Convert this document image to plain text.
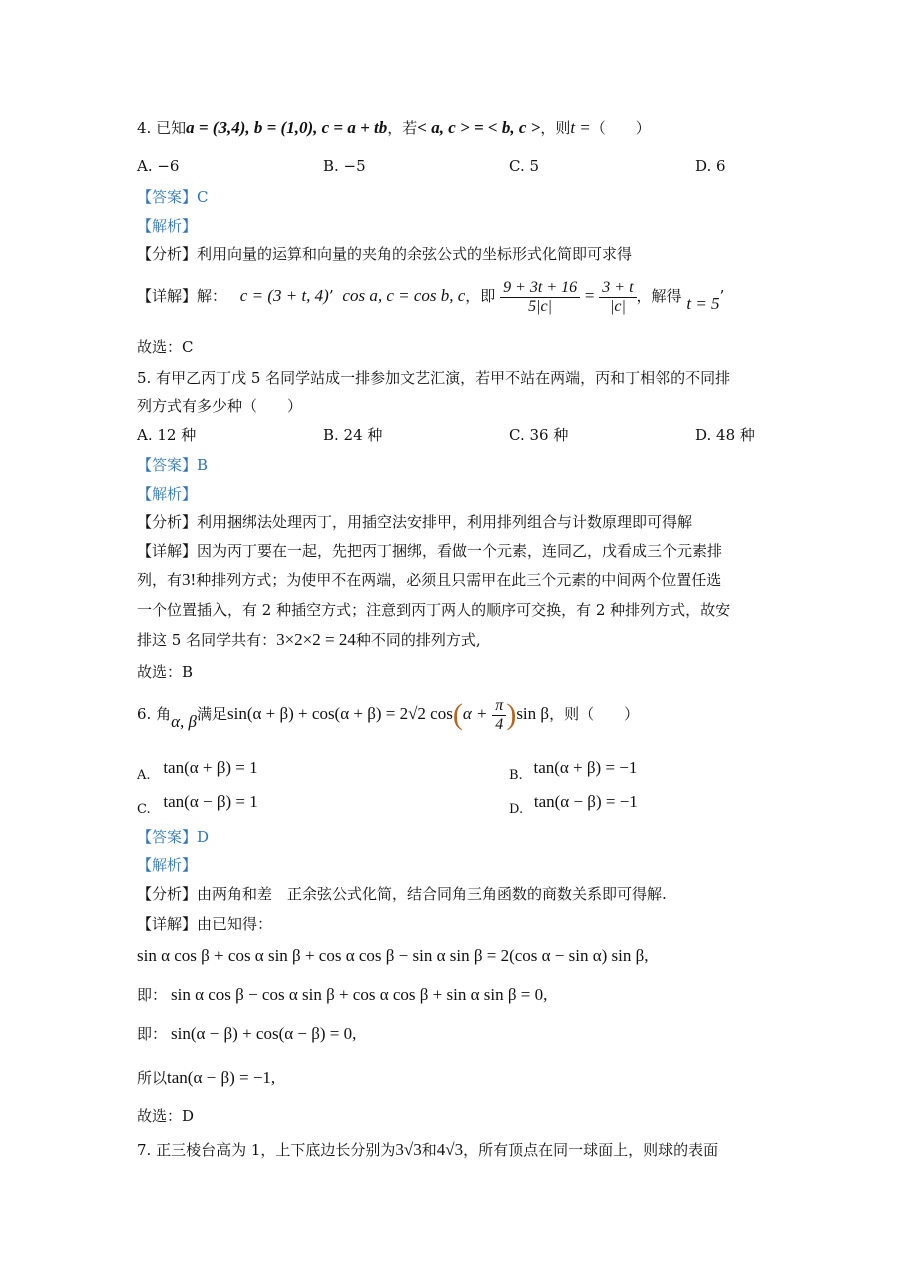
4. 已知a = (3,4), b = (1,0), c = a + tb，若< a, c > = < b, c >，则t =（　　）
A. −6	B. −5	C. 5	D. 6
【答案】C
【解析】
【分析】利用向量的运算和向量的夹角的余弦公式的坐标形式化简即可求得
【详解】解： c = (3 + t, 4)’ cos a, c = cos b, c，即 $\frac{9 + 3t + 16}{5|c|} = \frac{3 + t}{|c|}$ ，解得 t = 5’
故选：C
5. 有甲乙丙丁戊 5 名同学站成一排参加文艺汇演，若甲不站在两端，丙和丁相邻的不同排
列方式有多少种（　　）
A. 12 种	B. 24 种	C. 36 种	D. 48 种
【答案】B
【解析】
【分析】利用捆绑法处理丙丁，用插空法安排甲，利用排列组合与计数原理即可得解
【详解】因为丙丁要在一起，先把丙丁捆绑，看做一个元素，连同乙，戊看成三个元素排
列，有3!种排列方式；为使甲不在两端，必须且只需甲在此三个元素的中间两个位置任选
一个位置插入，有 2 种插空方式；注意到丙丁两人的顺序可交换，有 2 种排列方式，故安
排这 5 名同学共有：3×2×2 = 24种不同的排列方式,
故选：B
6. 角α, β满足sin(α + β) + cos(α + β) = 2√2 $\cos(\alpha + \frac{\pi}{4} )\sin$ β，则（　　）
A. tan(α + β) = 1	B. tan(α + β) = −1
C. tan(α − β) = 1	D. tan(α − β) = −1
【答案】D
【解析】
【分析】由两角和差　正余弦公式化简，结合同角三角函数的商数关系即可得解.
【详解】由已知得：
sin α cos β + cos α sin β + cos α cos β − sin α sin β = 2(cos α − sin α) sin β,
即： sin α cos β − cos α sin β + cos α cos β + sin α sin β = 0,
即： sin(α − β) + cos(α − β) = 0,
所以tan(α − β) = −1,
故选：D
7. 正三棱台高为 1，上下底边长分别为3√3和4√3，所有顶点在同一球面上，则球的表面
